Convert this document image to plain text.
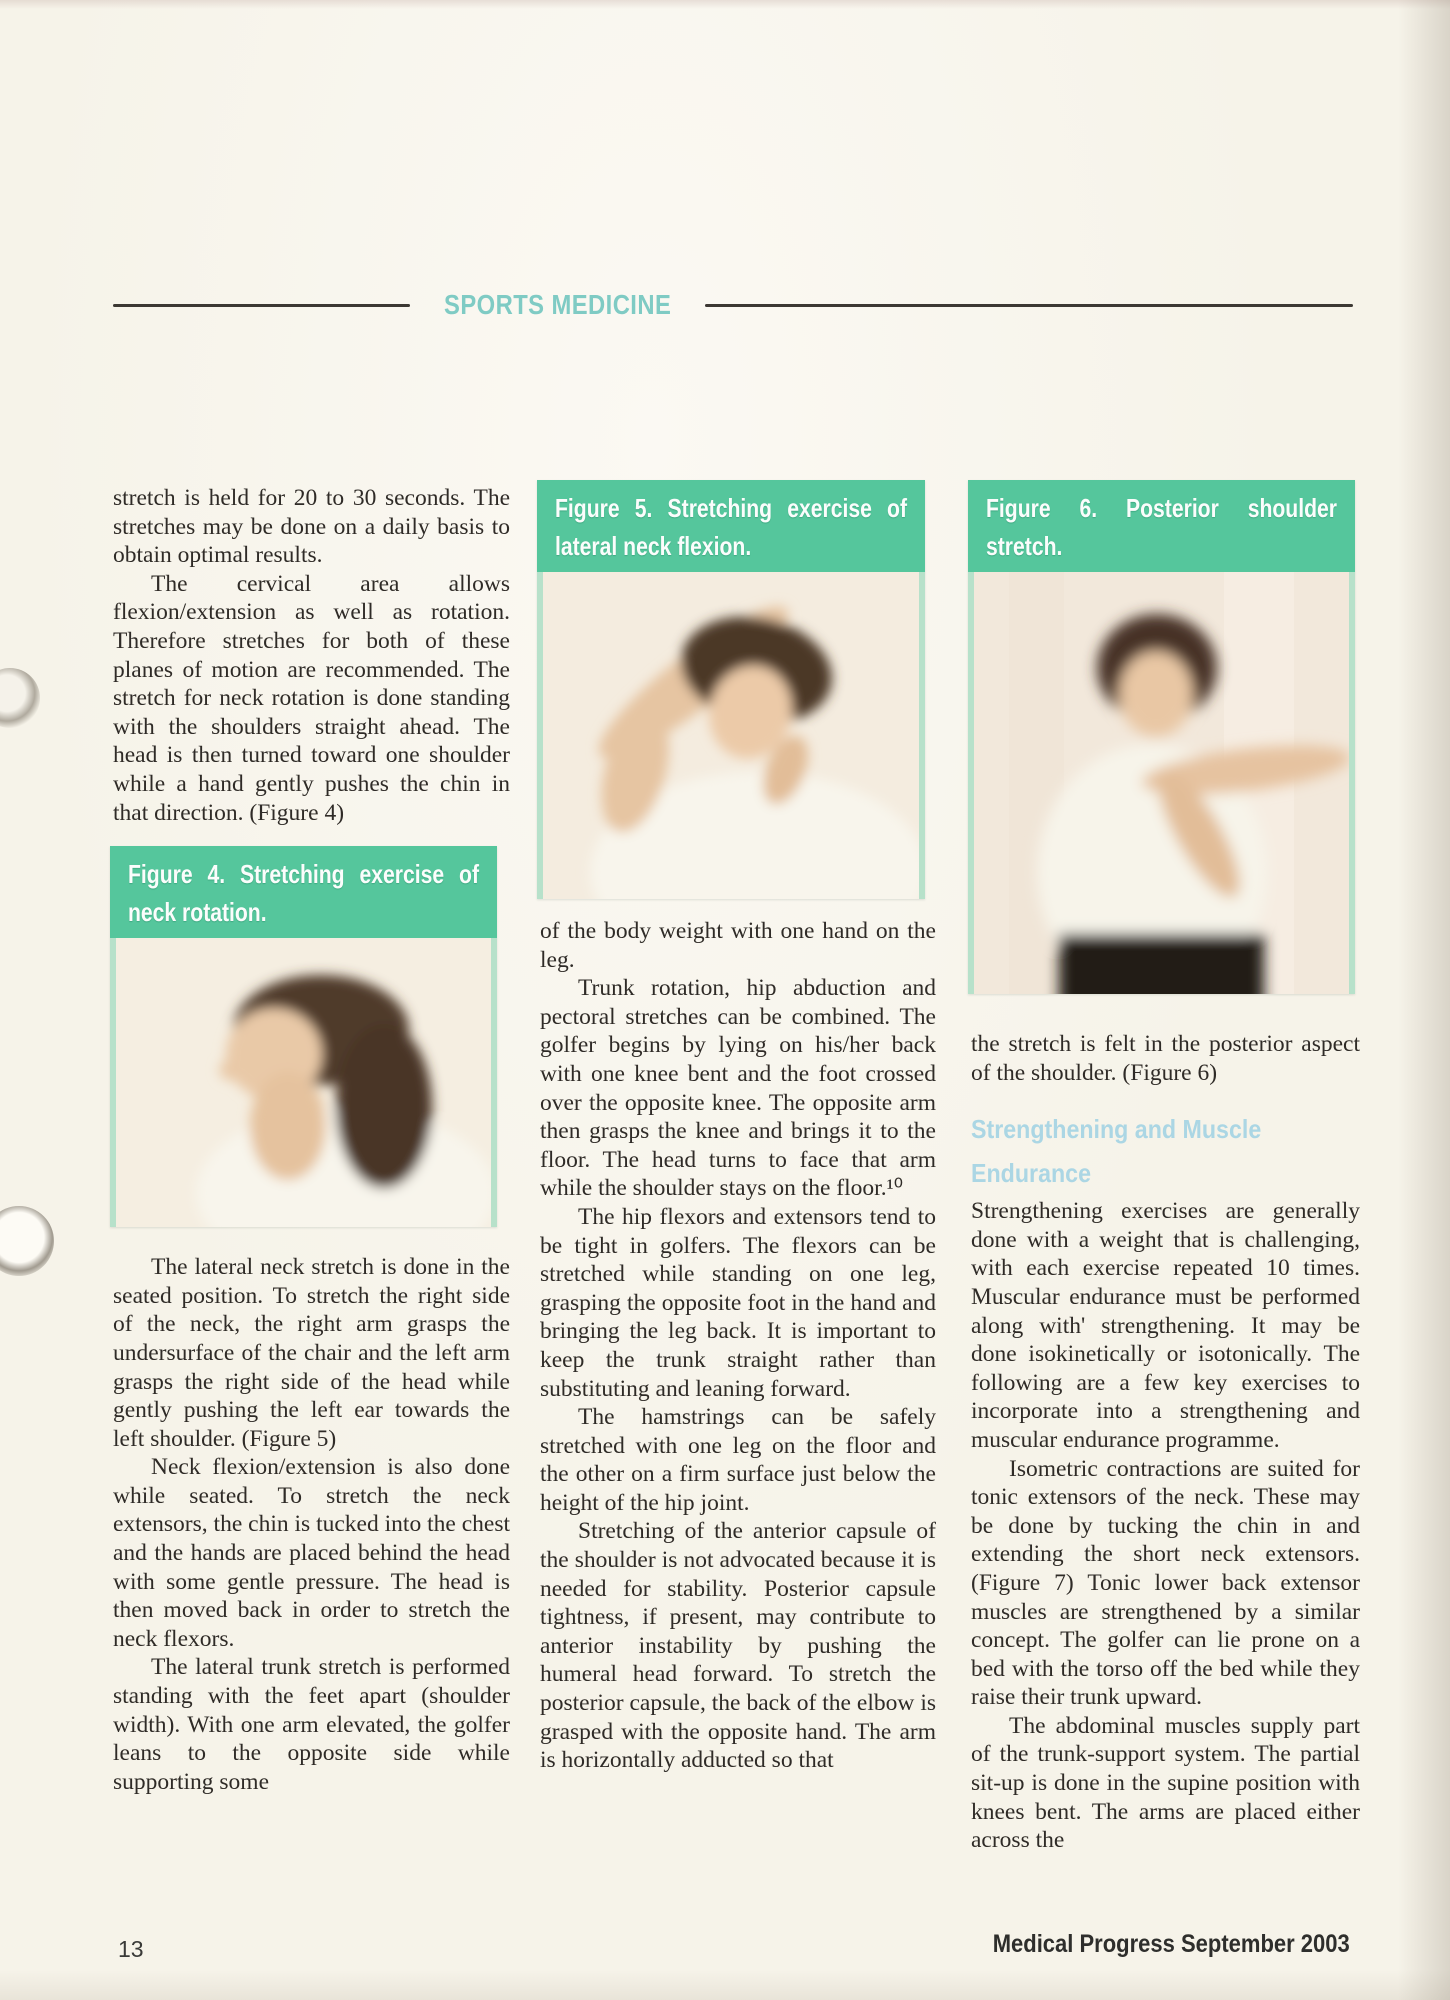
SPORTS MEDICINE

stretch is held for 20 to 30 seconds. The stretches may be done on a daily basis to obtain optimal results.

The cervical area allows flexion/extension as well as rotation. Therefore stretches for both of these planes of motion are recommended. The stretch for neck rotation is done standing with the shoulders straight ahead. The head is then turned toward one shoulder while a hand gently pushes the chin in that direction. (Figure 4)

Figure 4. Stretching exercise of neck rotation.

The lateral neck stretch is done in the seated position. To stretch the right side of the neck, the right arm grasps the undersurface of the chair and the left arm grasps the right side of the head while gently pushing the left ear towards the left shoulder. (Figure 5)

Neck flexion/extension is also done while seated. To stretch the neck extensors, the chin is tucked into the chest and the hands are placed behind the head with some gentle pressure. The head is then moved back in order to stretch the neck flexors.

The lateral trunk stretch is performed standing with the feet apart (shoulder width). With one arm elevated, the golfer leans to the opposite side while supporting some

Figure 5. Stretching exercise of lateral neck flexion.

of the body weight with one hand on the leg.

Trunk rotation, hip abduction and pectoral stretches can be combined. The golfer begins by lying on his/her back with one knee bent and the foot crossed over the opposite knee. The opposite arm then grasps the knee and brings it to the floor. The head turns to face that arm while the shoulder stays on the floor.¹⁰

The hip flexors and extensors tend to be tight in golfers. The flexors can be stretched while standing on one leg, grasping the opposite foot in the hand and bringing the leg back. It is important to keep the trunk straight rather than substituting and leaning forward.

The hamstrings can be safely stretched with one leg on the floor and the other on a firm surface just below the height of the hip joint.

Stretching of the anterior capsule of the shoulder is not advocated because it is needed for stability. Posterior capsule tightness, if present, may contribute to anterior instability by pushing the humeral head forward. To stretch the posterior capsule, the back of the elbow is grasped with the opposite hand. The arm is horizontally adducted so that

Figure 6. Posterior shoulder stretch.

the stretch is felt in the posterior aspect of the shoulder. (Figure 6)

Strengthening and Muscle Endurance

Strengthening exercises are generally done with a weight that is challenging, with each exercise repeated 10 times. Muscular endurance must be performed along with' strengthening. It may be done isokinetically or isotonically. The following are a few key exercises to incorporate into a strengthening and muscular endurance programme.

Isometric contractions are suited for tonic extensors of the neck. These may be done by tucking the chin in and extending the short neck extensors. (Figure 7) Tonic lower back extensor muscles are strengthened by a similar concept. The golfer can lie prone on a bed with the torso off the bed while they raise their trunk upward.

The abdominal muscles supply part of the trunk-support system. The partial sit-up is done in the supine position with knees bent. The arms are placed either across the

13	Medical Progress September 2003
